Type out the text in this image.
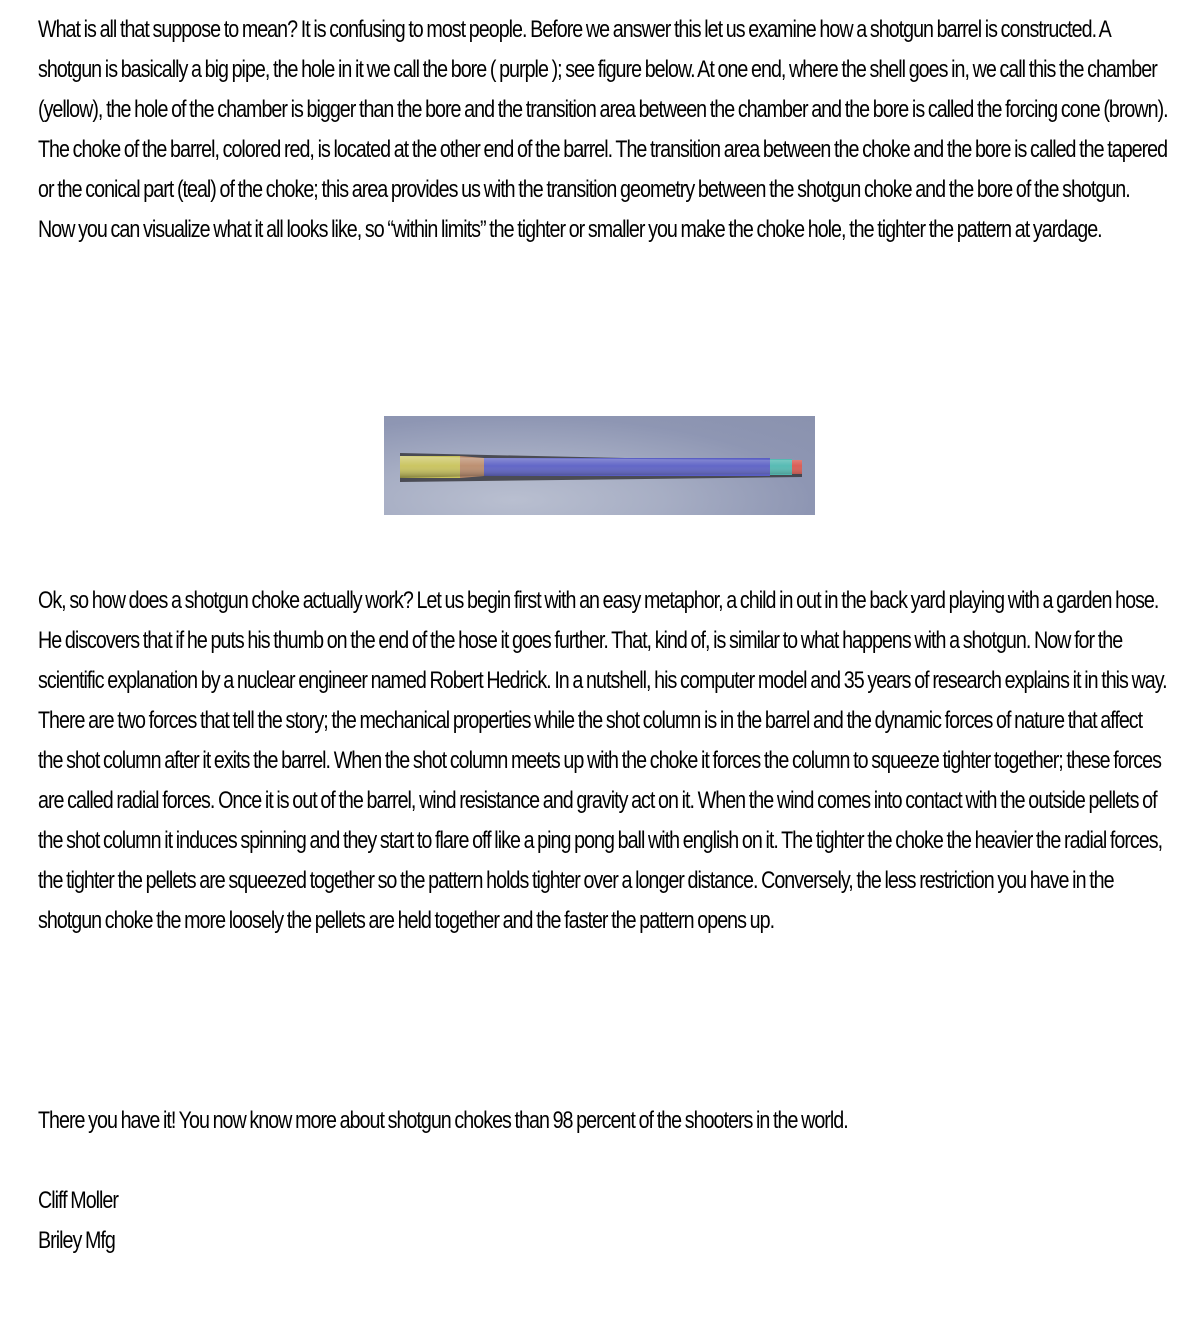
What is all that suppose to mean? It is confusing to most people. Before we answer this let us examine how a shotgun barrel is constructed. A shotgun is basically a big pipe, the hole in it we call the bore ( purple ); see figure below. At one end, where the shell goes in, we call this the chamber (yellow), the hole of the chamber is bigger than the bore and the transition area between the chamber and the bore is called the forcing cone (brown). The choke of the barrel, colored red, is located at the other end of the barrel. The transition area between the choke and the bore is called the tapered or the conical part (teal) of the choke; this area provides us with the transition geometry between the shotgun choke and the bore of the shotgun. Now you can visualize what it all looks like, so “within limits” the tighter or smaller you make the choke hole, the tighter the pattern at yardage.

Ok, so how does a shotgun choke actually work? Let us begin first with an easy metaphor, a child in out in the back yard playing with a garden hose. He discovers that if he puts his thumb on the end of the hose it goes further. That, kind of, is similar to what happens with a shotgun. Now for the scientific explanation by a nuclear engineer named Robert Hedrick. In a nutshell, his computer model and 35 years of research explains it in this way. There are two forces that tell the story; the mechanical properties while the shot column is in the barrel and the dynamic forces of nature that affect the shot column after it exits the barrel. When the shot column meets up with the choke it forces the column to squeeze tighter together; these forces are called radial forces. Once it is out of the barrel, wind resistance and gravity act on it. When the wind comes into contact with the outside pellets of the shot column it induces spinning and they start to flare off like a ping pong ball with english on it. The tighter the choke the heavier the radial forces, the tighter the pellets are squeezed together so the pattern holds tighter over a longer distance. Conversely, the less restriction you have in the shotgun choke the more loosely the pellets are held together and the faster the pattern opens up.

There you have it! You now know more about shotgun chokes than 98 percent of the shooters in the world.

Cliff Moller
Briley Mfg
